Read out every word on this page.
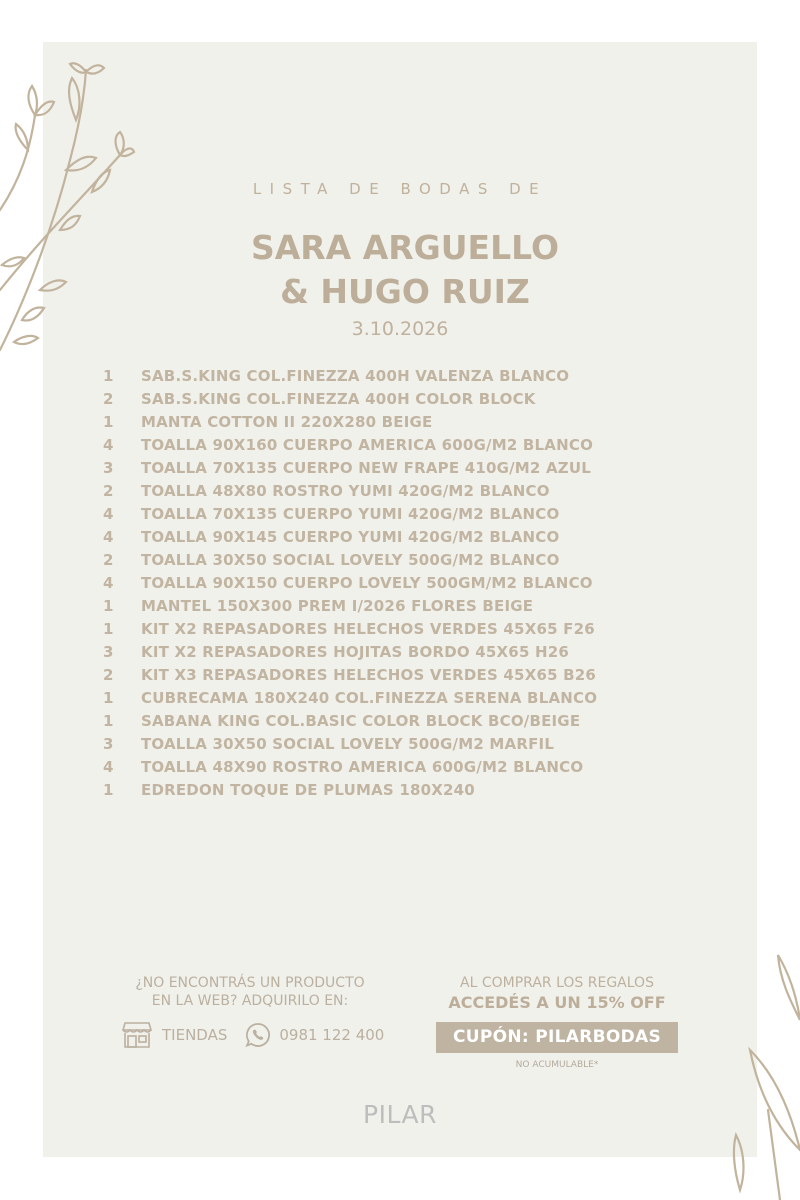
LISTA DE BODAS DE
SARA ARGUELLO
& HUGO RUIZ
3.10.2026
1	SAB.S.KING COL.FINEZZA 400H VALENZA BLANCO
2	SAB.S.KING COL.FINEZZA 400H COLOR BLOCK
1	MANTA COTTON II 220X280 BEIGE
4	TOALLA 90X160 CUERPO AMERICA 600G/M2 BLANCO
3	TOALLA 70X135 CUERPO NEW FRAPE 410G/M2 AZUL
2	TOALLA 48X80 ROSTRO YUMI 420G/M2 BLANCO
4	TOALLA 70X135 CUERPO YUMI 420G/M2 BLANCO
4	TOALLA 90X145 CUERPO YUMI 420G/M2 BLANCO
2	TOALLA 30X50 SOCIAL LOVELY 500G/M2 BLANCO
4	TOALLA 90X150 CUERPO LOVELY 500GM/M2 BLANCO
1	MANTEL 150X300 PREM I/2026 FLORES BEIGE
1	KIT X2 REPASADORES HELECHOS VERDES 45X65 F26
3	KIT X2 REPASADORES HOJITAS BORDO 45X65 H26
2	KIT X3 REPASADORES HELECHOS VERDES 45X65 B26
1	CUBRECAMA 180X240 COL.FINEZZA SERENA BLANCO
1	SABANA KING COL.BASIC COLOR BLOCK BCO/BEIGE
3	TOALLA 30X50 SOCIAL LOVELY 500G/M2 MARFIL
4	TOALLA 48X90 ROSTRO AMERICA 600G/M2 BLANCO
1	EDREDON TOQUE DE PLUMAS 180X240
¿NO ENCONTRÁS UN PRODUCTO
EN LA WEB? ADQUIRILO EN:
TIENDAS	0981 122 400
AL COMPRAR LOS REGALOS
ACCEDÉS A UN 15% OFF
CUPÓN: PILARBODAS
NO ACUMULABLE*
PILAR
